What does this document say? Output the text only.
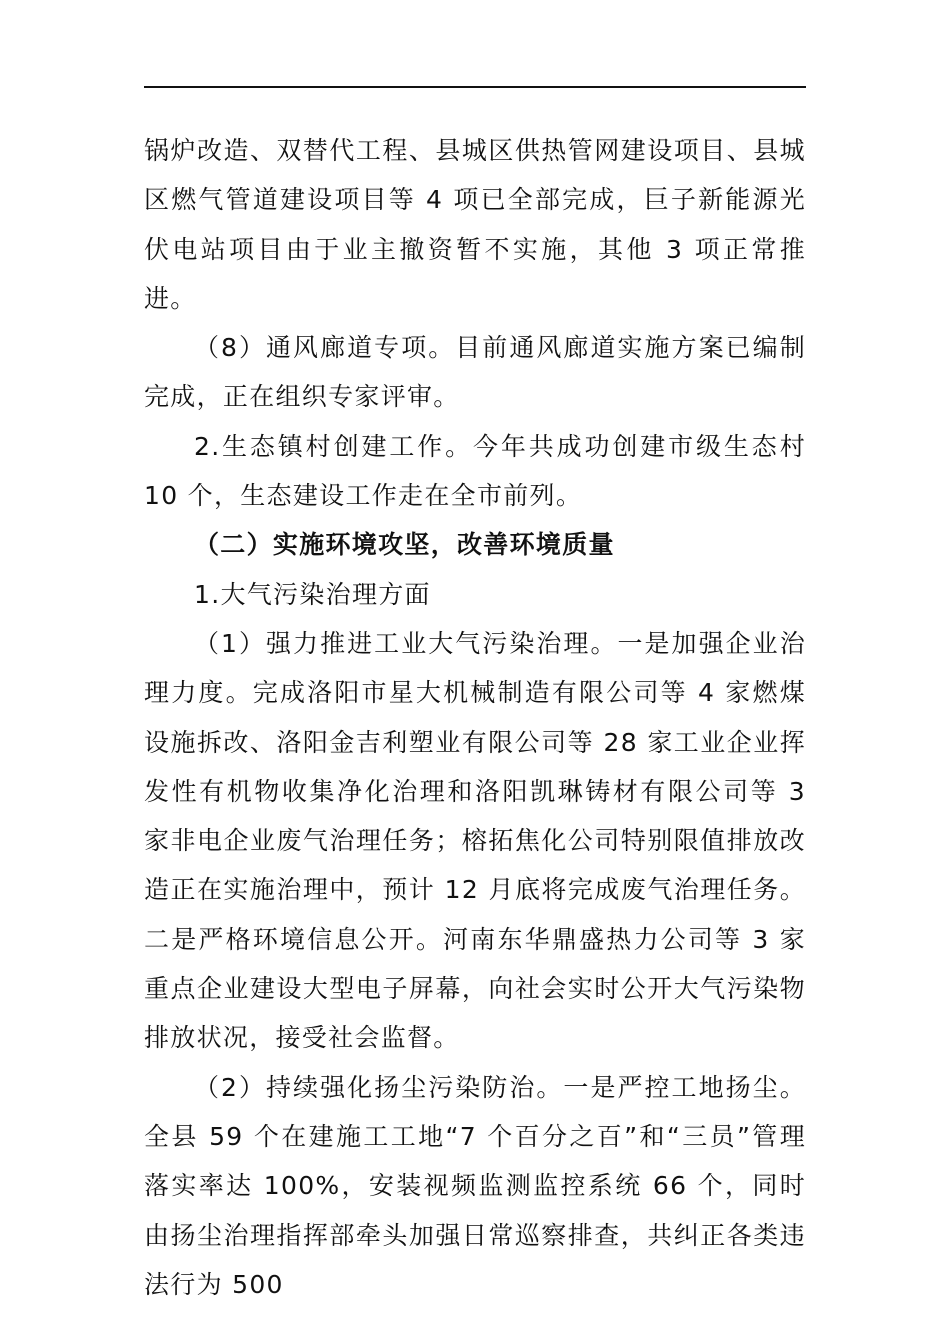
锅炉改造、双替代工程、县城区供热管网建设项目、县城区燃气管道建设项目等 4 项已全部完成，巨子新能源光伏电站项目由于业主撤资暂不实施，其他 3 项正常推进。

（8）通风廊道专项。目前通风廊道实施方案已编制完成，正在组织专家评审。

2.生态镇村创建工作。今年共成功创建市级生态村 10 个，生态建设工作走在全市前列。

（二）实施环境攻坚，改善环境质量

1.大气污染治理方面

（1）强力推进工业大气污染治理。一是加强企业治理力度。完成洛阳市星大机械制造有限公司等 4 家燃煤设施拆改、洛阳金吉利塑业有限公司等 28 家工业企业挥发性有机物收集净化治理和洛阳凯琳铸材有限公司等 3 家非电企业废气治理任务；榕拓焦化公司特别限值排放改造正在实施治理中，预计 12 月底将完成废气治理任务。二是严格环境信息公开。河南东华鼎盛热力公司等 3 家重点企业建设大型电子屏幕，向社会实时公开大气污染物排放状况，接受社会监督。

（2）持续强化扬尘污染防治。一是严控工地扬尘。全县 59 个在建施工工地“7 个百分之百”和“三员”管理落实率达 100%，安装视频监测监控系统 66 个，同时由扬尘治理指挥部牵头加强日常巡察排查，共纠正各类违法行为 500
